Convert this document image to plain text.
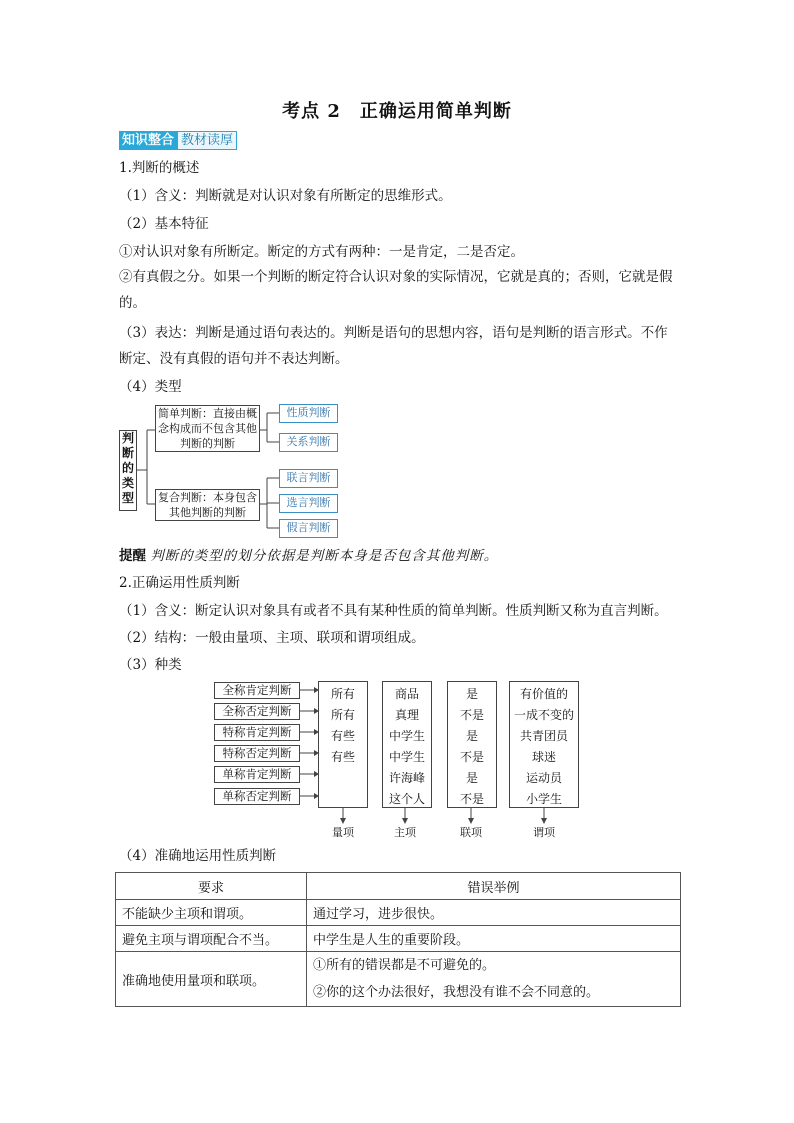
考点 2　正确运用简单判断
知识整合 教材读厚
1.判断的概述
（1）含义：判断就是对认识对象有所断定的思维形式。
（2）基本特征
①对认识对象有所断定。断定的方式有两种：一是肯定，二是否定。
②有真假之分。如果一个判断的断定符合认识对象的实际情况，它就是真的；否则，它就是假的。
（3）表达：判断是通过语句表达的。判断是语句的思想内容，语句是判断的语言形式。不作断定、没有真假的语句并不表达判断。
（4）类型
判断的类型
简单判断：直接由概念构成而不包含其他判断的判断
复合判断：本身包含其他判断的判断
性质判断
关系判断
联言判断
选言判断
假言判断
提醒 判断的类型的划分依据是判断本身是否包含其他判断。
2.正确运用性质判断
（1）含义：断定认识对象具有或者不具有某种性质的简单判断。性质判断又称为直言判断。
（2）结构：一般由量项、主项、联项和谓项组成。
（3）种类
全称肯定判断
全称否定判断
特称肯定判断
特称否定判断
单称肯定判断
单称否定判断
所有
所有
有些
有些
商品
真理
中学生
中学生
许海峰
这个人
是
不是
是
不是
是
不是
有价值的
一成不变的
共青团员
球迷
运动员
小学生
量项	主项	联项	谓项
（4）准确地运用性质判断
要求	错误举例
不能缺少主项和谓项。	通过学习，进步很快。
避免主项与谓项配合不当。	中学生是人生的重要阶段。
准确地使用量项和联项。	①所有的错误都是不可避免的。
②你的这个办法很好，我想没有谁不会不同意的。
